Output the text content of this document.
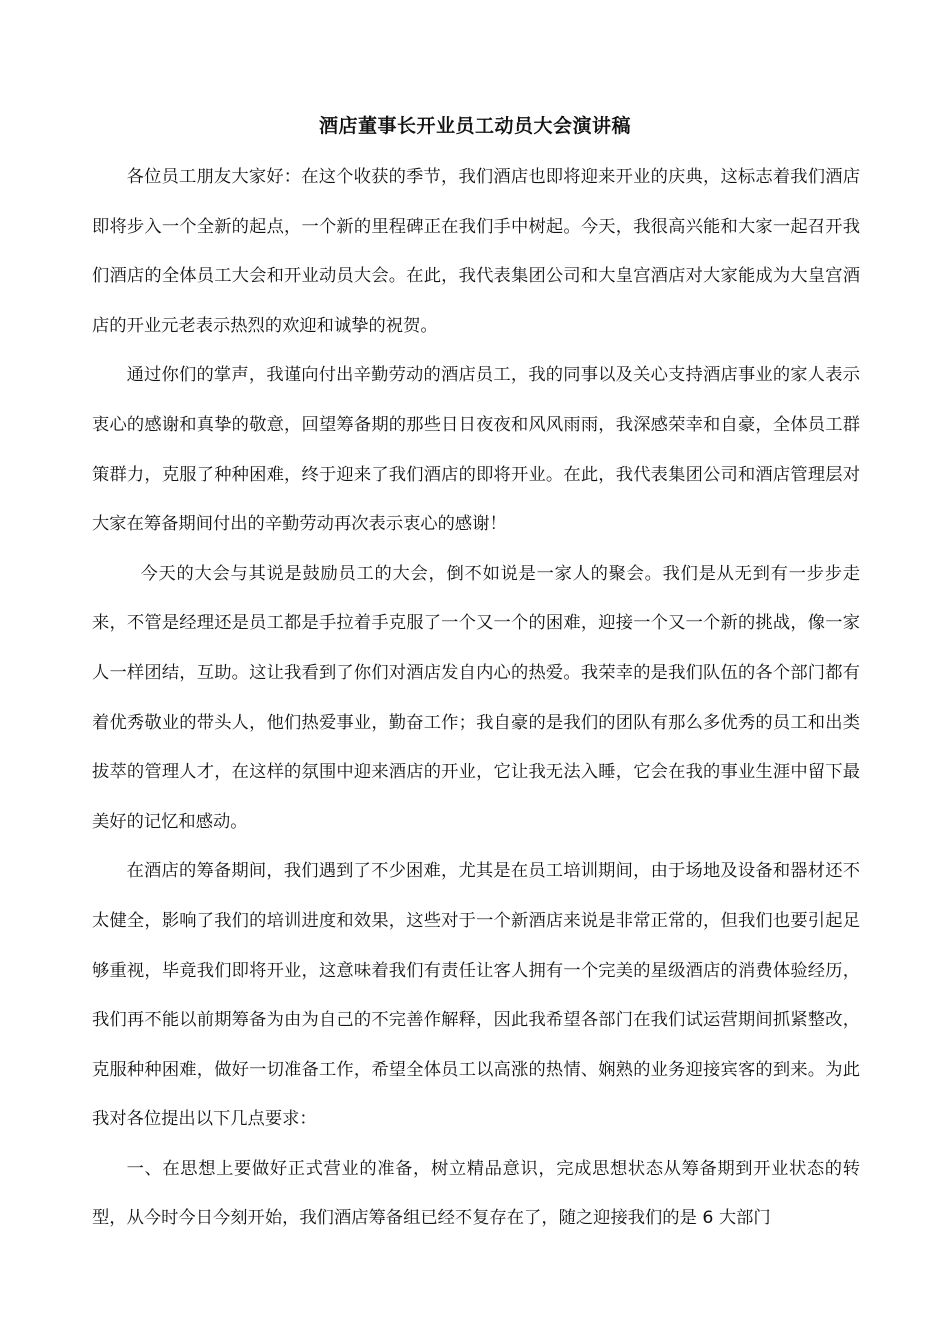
酒店董事长开业员工动员大会演讲稿

各位员工朋友大家好：在这个收获的季节，我们酒店也即将迎来开业的庆典，这标志着我们酒店即将步入一个全新的起点，一个新的里程碑正在我们手中树起。今天，我很高兴能和大家一起召开我们酒店的全体员工大会和开业动员大会。在此，我代表集团公司和大皇宫酒店对大家能成为大皇宫酒店的开业元老表示热烈的欢迎和诚挚的祝贺。

通过你们的掌声，我谨向付出辛勤劳动的酒店员工，我的同事以及关心支持酒店事业的家人表示衷心的感谢和真挚的敬意，回望筹备期的那些日日夜夜和风风雨雨，我深感荣幸和自豪，全体员工群策群力，克服了种种困难，终于迎来了我们酒店的即将开业。在此，我代表集团公司和酒店管理层对大家在筹备期间付出的辛勤劳动再次表示衷心的感谢！

今天的大会与其说是鼓励员工的大会，倒不如说是一家人的聚会。我们是从无到有一步步走来，不管是经理还是员工都是手拉着手克服了一个又一个的困难，迎接一个又一个新的挑战，像一家人一样团结，互助。这让我看到了你们对酒店发自内心的热爱。我荣幸的是我们队伍的各个部门都有着优秀敬业的带头人，他们热爱事业，勤奋工作；我自豪的是我们的团队有那么多优秀的员工和出类拔萃的管理人才，在这样的氛围中迎来酒店的开业，它让我无法入睡，它会在我的事业生涯中留下最美好的记忆和感动。

在酒店的筹备期间，我们遇到了不少困难，尤其是在员工培训期间，由于场地及设备和器材还不太健全，影响了我们的培训进度和效果，这些对于一个新酒店来说是非常正常的，但我们也要引起足够重视，毕竟我们即将开业，这意味着我们有责任让客人拥有一个完美的星级酒店的消费体验经历，我们再不能以前期筹备为由为自己的不完善作解释，因此我希望各部门在我们试运营期间抓紧整改，克服种种困难，做好一切准备工作，希望全体员工以高涨的热情、娴熟的业务迎接宾客的到来。为此我对各位提出以下几点要求：

一、在思想上要做好正式营业的准备，树立精品意识，完成思想状态从筹备期到开业状态的转型，从今时今日今刻开始，我们酒店筹备组已经不复存在了，随之迎接我们的是 6 大部门
